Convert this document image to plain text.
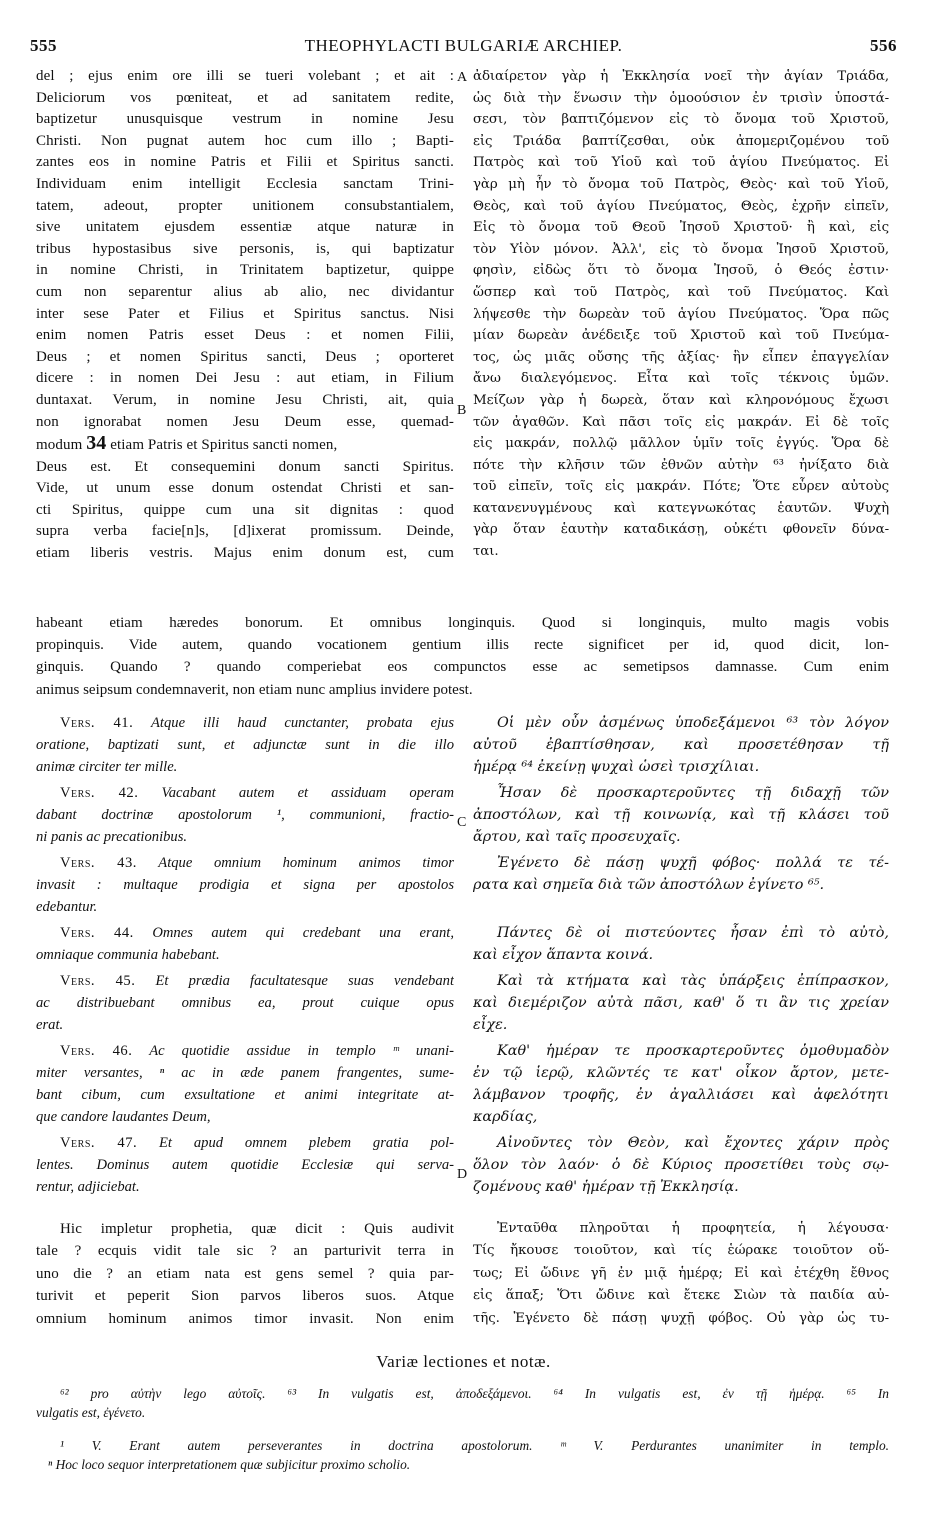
555	THEOPHYLACTI BULGARIÆ ARCHIEP.	556
A
B
C
D
del ; ejus enim ore illi se tueri volebant ; et ait :
Deliciorum vos pœniteat, et ad sanitatem redite,
baptizetur unusquisque vestrum in nomine Jesu
Christi. Non pugnat autem hoc cum illo ; Bapti-
zantes eos in nomine Patris et Filii et Spiritus sancti.
Individuam enim intelligit Ecclesia sanctam Trini-
tatem, adeout, propter unitionem consubstantialem,
sive unitatem ejusdem essentiæ atque naturæ in
tribus hypostasibus sive personis, is, qui baptizatur
in nomine Christi, in Trinitatem baptizetur, quippe
cum non separentur alius ab alio, nec dividantur
inter sese Pater et Filius et Spiritus sanctus. Nisi
enim nomen Patris esset Deus : et nomen Filii,
Deus ; et nomen Spiritus sancti, Deus ; oporteret
dicere : in nomen Dei Jesu : aut etiam, in Filium
duntaxat. Verum, in nomine Jesu Christi, ait, quia
non ignorabat nomen Jesu Deum esse, quemad-
modum 34 etiam Patris et Spiritus sancti nomen,
Deus est. Et consequemini donum sancti Spiritus.
Vide, ut unum esse donum ostendat Christi et san-
cti Spiritus, quippe cum una sit dignitas : quod
supra verba facie[n]s, [d]ixerat promissum. Deinde,
etiam liberis vestris. Majus enim donum est, cum
ἀδιαίρετον γὰρ ἡ Ἐκκλησία νοεῖ τὴν ἁγίαν Τριάδα,
ὡς διὰ τὴν ἕνωσιν τὴν ὁμοούσιον ἐν τρισὶν ὑποστά-
σεσι, τὸν βαπτιζόμενον εἰς τὸ ὄνομα τοῦ Χριστοῦ,
εἰς Τριάδα βαπτίζεσθαι, οὐκ ἀπομεριζομένου τοῦ
Πατρὸς καὶ τοῦ Υἱοῦ καὶ τοῦ ἁγίου Πνεύματος. Εἰ
γὰρ μὴ ἦν τὸ ὄνομα τοῦ Πατρὸς, Θεὸς· καὶ τοῦ Υἱοῦ,
Θεὸς, καὶ τοῦ ἁγίου Πνεύματος, Θεὸς, ἐχρῆν εἰπεῖν,
Εἰς τὸ ὄνομα τοῦ Θεοῦ Ἰησοῦ Χριστοῦ· ἢ καὶ, εἰς
τὸν Υἱὸν μόνον. Ἀλλ', εἰς τὸ ὄνομα Ἰησοῦ Χριστοῦ,
φησὶν, εἰδὼς ὅτι τὸ ὄνομα Ἰησοῦ, ὁ Θεός ἐστιν·
ὥσπερ καὶ τοῦ Πατρὸς, καὶ τοῦ Πνεύματος. Καὶ
λήψεσθε τὴν δωρεὰν τοῦ ἁγίου Πνεύματος. Ὅρα πῶς
μίαν δωρεὰν ἀνέδειξε τοῦ Χριστοῦ καὶ τοῦ Πνεύμα-
τος, ὡς μιᾶς οὔσης τῆς ἀξίας· ἣν εἶπεν ἐπαγγελίαν
ἄνω διαλεγόμενος. Εἶτα καὶ τοῖς τέκνοις ὑμῶν.
Μείζων γὰρ ἡ δωρεὰ, ὅταν καὶ κληρονόμους ἔχωσι
τῶν ἀγαθῶν. Καὶ πᾶσι τοῖς εἰς μακράν. Εἰ δὲ τοῖς
εἰς μακράν, πολλῷ μᾶλλον ὑμῖν τοῖς ἐγγύς. Ὅρα δὲ
πότε τὴν κλῆσιν τῶν ἐθνῶν αὐτὴν ⁶³ ἠνίξατο διὰ
τοῦ εἰπεῖν, τοῖς εἰς μακράν. Πότε; Ὅτε εὗρεν αὐτοὺς
κατανενυγμένους καὶ κατεγνωκότας ἑαυτῶν. Ψυχὴ
γὰρ ὅταν ἑαυτὴν καταδικάσῃ, οὐκέτι φθονεῖν δύνα-
ται.
habeant etiam hæredes bonorum. Et omnibus longinquis. Quod si longinquis, multo magis vobis
propinquis. Vide autem, quando vocationem gentium illis recte significet per id, quod dicit, lon-
ginquis. Quando ? quando comperiebat eos compunctos esse ac semetipsos damnasse. Cum enim
animus seipsum condemnaverit, non etiam nunc amplius invidere potest.
Vers. 41. Atque illi haud cunctanter, probata ejus
oratione, baptizati sunt, et adjunctæ sunt in die illo
animæ circiter ter mille.
Vers. 42. Vacabant autem et assiduam operam
dabant doctrinæ apostolorum ¹, communioni, fractio-
ni panis ac precationibus.
Vers. 43. Atque omnium hominum animos timor
invasit : multaque prodigia et signa per apostolos
edebantur.
Vers. 44. Omnes autem qui credebant una erant,
omniaque communia habebant.
Vers. 45. Et prædia facultatesque suas vendebant
ac distribuebant omnibus ea, prout cuique opus
erat.
Vers. 46. Ac quotidie assidue in templo ᵐ unani-
miter versantes, ⁿ ac in æde panem frangentes, sume-
bant cibum, cum exsultatione et animi integritate at-
que candore laudantes Deum,
Vers. 47. Et apud omnem plebem gratia pol-
lentes. Dominus autem quotidie Ecclesiæ qui serva-
rentur, adjiciebat.
Οἱ μὲν οὖν ἀσμένως ὑποδεξάμενοι ⁶³ τὸν λόγον
αὐτοῦ ἐβαπτίσθησαν, καὶ προσετέθησαν τῇ
ἡμέρᾳ ⁶⁴ ἐκείνῃ ψυχαὶ ὡσεὶ τρισχίλιαι.
Ἦσαν δὲ προσκαρτεροῦντες τῇ διδαχῇ τῶν
ἀποστόλων, καὶ τῇ κοινωνίᾳ, καὶ τῇ κλάσει τοῦ
ἄρτου, καὶ ταῖς προσευχαῖς.
Ἐγένετο δὲ πάσῃ ψυχῇ φόβος· πολλά τε τέ-
ρατα καὶ σημεῖα διὰ τῶν ἀποστόλων ἐγίνετο ⁶⁵.
Πάντες δὲ οἱ πιστεύοντες ἦσαν ἐπὶ τὸ αὐτὸ,
καὶ εἶχον ἅπαντα κοινά.
Καὶ τὰ κτήματα καὶ τὰς ὑπάρξεις ἐπίπρασκον,
καὶ διεμέριζον αὐτὰ πᾶσι, καθ' ὅ τι ἂν τις χρείαν
εἶχε.
Καθ' ἡμέραν τε προσκαρτεροῦντες ὁμοθυμαδὸν
ἐν τῷ ἱερῷ, κλῶντές τε κατ' οἶκον ἄρτον, μετε-
λάμβανον τροφῆς, ἐν ἀγαλλιάσει καὶ ἀφελότητι
καρδίας,
Αἰνοῦντες τὸν Θεὸν, καὶ ἔχοντες χάριν πρὸς
ὅλον τὸν λαόν· ὁ δὲ Κύριος προσετίθει τοὺς σῳ-
ζομένους καθ' ἡμέραν τῇ Ἐκκλησίᾳ.
Hic impletur prophetia, quæ dicit : Quis audivit
tale ? ecquis vidit tale sic ? an parturivit terra in
uno die ? an etiam nata est gens semel ? quia par-
turivit et peperit Sion parvos liberos suos. Atque
omnium hominum animos timor invasit. Non enim
Ἐνταῦθα πληροῦται ἡ προφητεία, ἡ λέγουσα·
Τίς ἤκουσε τοιοῦτον, καὶ τίς ἑώρακε τοιοῦτον οὕ-
τως; Εἰ ὤδινε γῆ ἐν μιᾷ ἡμέρᾳ; Εἰ καὶ ἐτέχθη ἔθνος
εἰς ἅπαξ; Ὅτι ὤδινε καὶ ἔτεκε Σιὼν τὰ παιδία αὐ-
τῆς. Ἐγένετο δὲ πάσῃ ψυχῇ φόβος. Οὐ γὰρ ὡς τυ-
Variæ lectiones et notæ.
⁶² pro αὐτὴν lego αὐτοῖς. ⁶³ In vulgatis est, ἀποδεξάμενοι. ⁶⁴ In vulgatis est, ἐν τῇ ἡμέρᾳ. ⁶⁵ In
vulgatis est, ἐγένετο.
¹ V. Erant autem perseverantes in doctrina apostolorum. ᵐ V. Perdurantes unanimiter in templo.
ⁿ Hoc loco sequor interpretationem quæ subjicitur proximo scholio.
